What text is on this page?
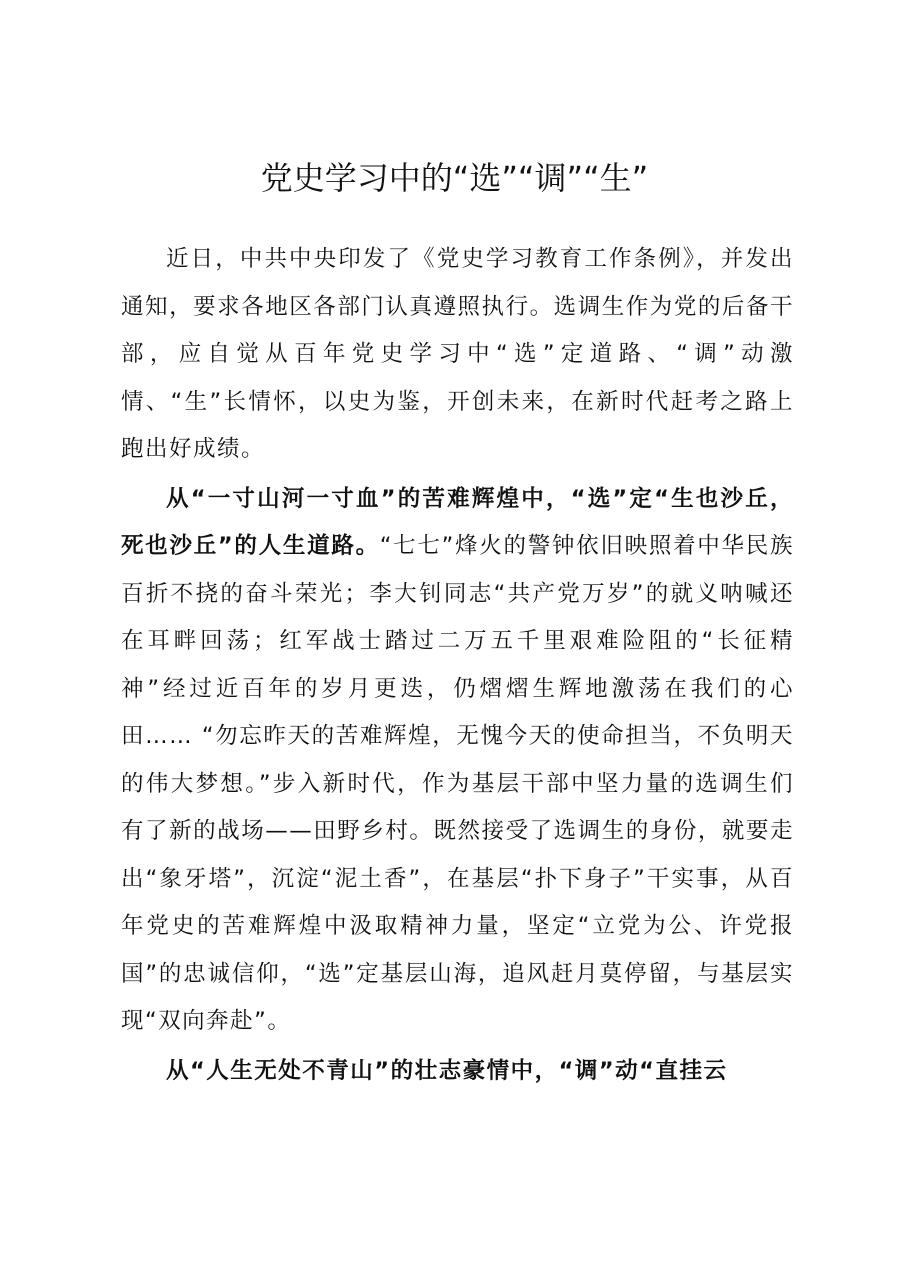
党史学习中的“选”“调”“生”

近日，中共中央印发了《党史学习教育工作条例》，并发出通知，要求各地区各部门认真遵照执行。选调生作为党的后备干部，应自觉从百年党史学习中“选”定道路、“调”动激情、“生”长情怀，以史为鉴，开创未来，在新时代赶考之路上跑出好成绩。

从“一寸山河一寸血”的苦难辉煌中，“选”定“生也沙丘，死也沙丘”的人生道路。“七七”烽火的警钟依旧映照着中华民族百折不挠的奋斗荣光；李大钊同志“共产党万岁”的就义呐喊还在耳畔回荡；红军战士踏过二万五千里艰难险阻的“长征精神”经过近百年的岁月更迭，仍熠熠生辉地激荡在我们的心田…… “勿忘昨天的苦难辉煌，无愧今天的使命担当，不负明天的伟大梦想。”步入新时代，作为基层干部中坚力量的选调生们有了新的战场——田野乡村。既然接受了选调生的身份，就要走出“象牙塔”，沉淀“泥土香”，在基层“扑下身子”干实事，从百年党史的苦难辉煌中汲取精神力量，坚定“立党为公、许党报国”的忠诚信仰，“选”定基层山海，追风赶月莫停留，与基层实现“双向奔赴”。

从“人生无处不青山”的壮志豪情中，“调”动“直挂云
